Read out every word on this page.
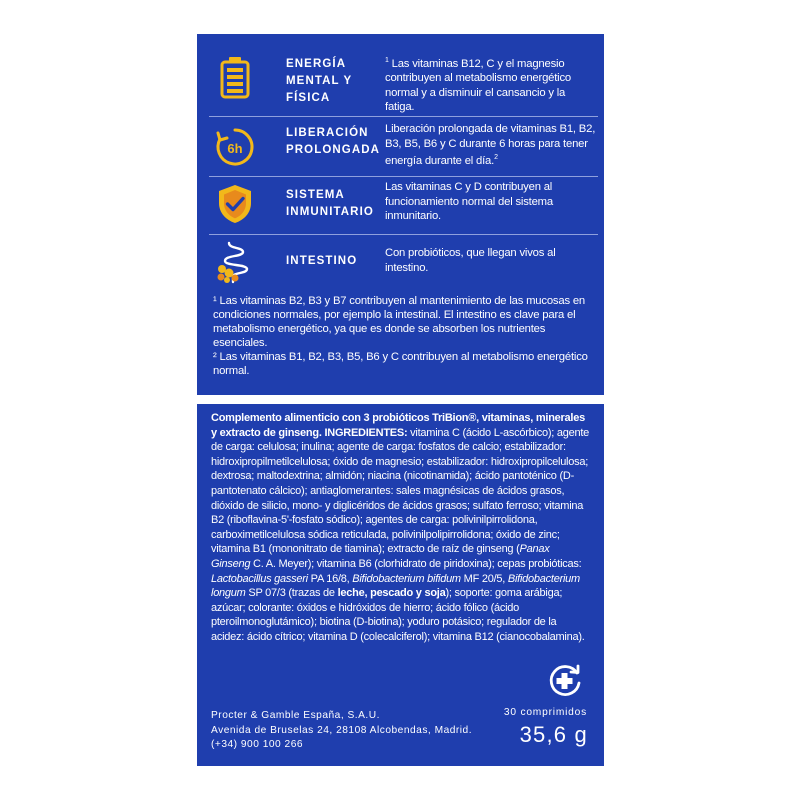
ENERGÍA MENTAL Y FÍSICA
$^1$ Las vitaminas B12, C y el magnesio contribuyen al metabolismo energético normal y a disminuir el cansancio y la fatiga.
6h
LIBERACIÓN PROLONGADA
Liberación prolongada de vitaminas B1, B2, B3, B5, B6 y C durante 6 horas para tener energía durante el día.$^2$
SISTEMA INMUNITARIO
Las vitaminas C y D contribuyen al funcionamiento normal del sistema inmunitario.
INTESTINO
Con probióticos, que llegan vivos al intestino.

¹ Las vitaminas B2, B3 y B7 contribuyen al mantenimiento de las mucosas en condiciones normales, por ejemplo la intestinal. El intestino es clave para el metabolismo energético, ya que es donde se absorben los nutrientes esenciales.

² Las vitaminas B1, B2, B3, B5, B6 y C contribuyen al metabolismo energético normal.

Complemento alimenticio con 3 probióticos TriBion®, vitaminas, minerales y extracto de ginseng. INGREDIENTES: vitamina C (ácido L-ascórbico); agente de carga: celulosa; inulina; agente de carga: fosfatos de calcio; estabilizador: hidroxipropilmetilcelulosa; óxido de magnesio; estabilizador: hidroxipropilcelulosa; dextrosa; maltodextrina; almidón; niacina (nicotinamida); ácido pantoténico (D-pantotenato cálcico); antiaglomerantes: sales magnésicas de ácidos grasos, dióxido de silicio, mono- y diglicéridos de ácidos grasos; sulfato ferroso; vitamina B2 (riboflavina-5'-fosfato sódico); agentes de carga: polivinilpirrolidona, carboximetilcelulosa sódica reticulada, polivinilpolipirrolidona; óxido de zinc; vitamina B1 (mononitrato de tiamina); extracto de raíz de ginseng (Panax Ginseng C. A. Meyer); vitamina B6 (clorhidrato de piridoxina); cepas probióticas: Lactobacillus gasseri PA 16/8, Bifidobacterium bifidum MF 20/5, Bifidobacterium longum SP 07/3 (trazas de leche, pescado y soja); soporte: goma arábiga; azúcar; colorante: óxidos e hidróxidos de hierro; ácido fólico (ácido pteroilmonoglutámico); biotina (D-biotina); yoduro potásico; regulador de la acidez: ácido cítrico; vitamina D (colecalciferol); vitamina B12 (cianocobalamina).

Procter & Gamble España, S.A.U.
Avenida de Bruselas 24, 28108 Alcobendas, Madrid.
(+34) 900 100 266
30 comprimidos
35,6 g
